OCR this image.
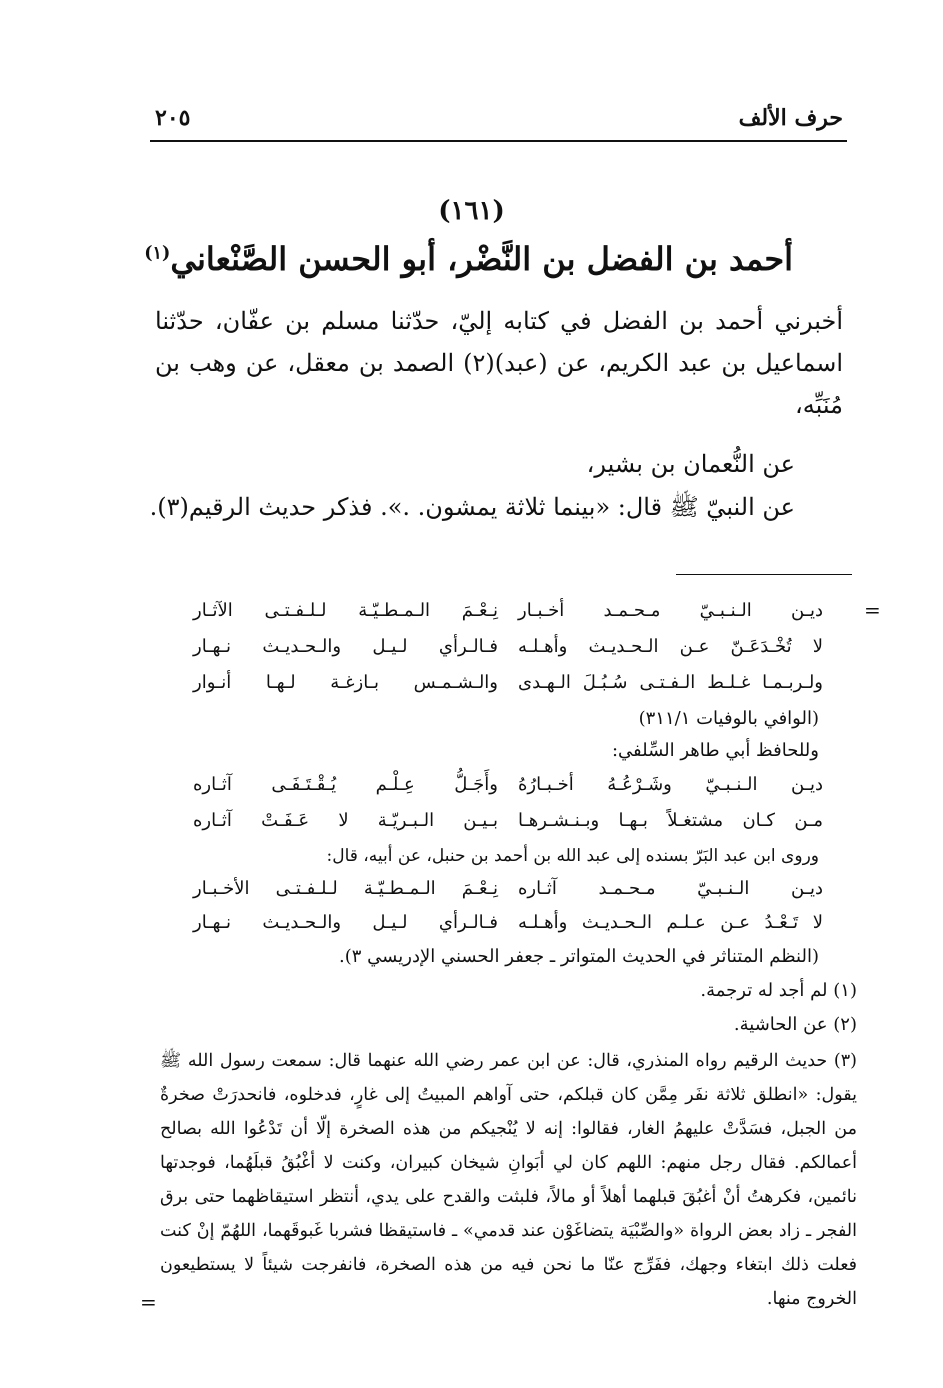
حرف الألف
٢٠٥
(١٦١)
أحمد بن الفضل بن النَّضْر، أبو الحسن الصَّنْعاني$^{(١)}$
أخبرني أحمد بن الفضل في كتابه إليّ، حدّثنا مسلم بن عفّان، حدّثنا اسماعيل بن عبد الكريم، عن (عبد)(٢) الصمد بن معقل، عن وهب بن مُنَبِّه،
عن النُّعمان بن بشير،
عن النبيّ ﷺ قال: «بينما ثلاثة يمشون. .». فذكر حديث الرقيم(٣).
=
ديـن الـنـبـيّ مـحـمـد أخـبـار
نِـعْـمَ الـمـطـيّـة لـلـفـتـى الآثـار
لا تُخْـدَعَـنّ عـن الـحـديـث وأهـلـه
فـالـرأي لـيـل والـحـديـث نـهـار
ولـربـمـا غـلـط الـفـتـى سُـبُـلَ الـهـدى
والـشـمـس بـازغـة لـهـا أنـوار
(الوافي بالوفيات ٣١١/١)
وللحافظ أبي طاهر السِّلفي:
ديـن الـنـبـيّ وشَـرْعُـهُ أخـبـارُهُ
وأَجَـلُّ عِـلْـم يُـقْـتَـفَـى آثـاره
مـن كـان مشتغـلاً بـهـا وبـنـشـرهـا
بـيـن الـبـريّـة لا عَـفَـتْ آثـاره
وروى ابن عبد البَرّ بسنده إلى عبد الله بن أحمد بن حنبل، عن أبيه، قال:
ديـن الـنـبـيّ مـحـمـد آثـاره
نِـعْـمَ الـمـطـيّـة لـلـفـتـى الأخـبـار
لا تَـعْـدُ عـن عـلـم الـحـديـث وأهـلـه
فـالـرأي لـيـل والـحـديـث نـهـار
(النظم المتناثر في الحديث المتواتر ـ جعفر الحسني الإدريسي ٣).
(١) لم أجد له ترجمة.
(٢) عن الحاشية.
(٣) حديث الرقيم رواه المنذري، قال: عن ابن عمر رضي الله عنهما قال: سمعت رسول الله ﷺ يقول: «انطلق ثلاثة نفَر مِمَّن كان قبلكم، حتى آواهم المبيتُ إلى غارٍ، فدخلوه، فانحدرَتْ صخرةٌ من الجبل، فسَدَّتْ عليهمُ الغار، فقالوا: إنه لا يُنْجيكم من هذه الصخرة إلّا أن تَدْعُوا الله بصالح أعمالكم. فقال رجل منهم: اللهم كان لي أبَوانِ شيخان كبيران، وكنت لا أغْبُقُ قبلَهُما، فوجدتها نائمين، فكرهتُ أنْ أغبُقَ قبلهما أهلاً أو مالاً، فلبثت والقدح على يدي، أنتظر استيقاظهما حتى برق الفجر ـ زاد بعض الرواة «والصِّبْيَة يتضاغَوْن عند قدمي» ـ فاستيقظا فشربا غَبوقَهما، اللهُمّ إنْ كنت فعلت ذلك ابتغاء وجهك، ففَرِّج عنّا ما نحن فيه من هذه الصخرة، فانفرجت شيئاً لا يستطيعون الخروج منها.
=
